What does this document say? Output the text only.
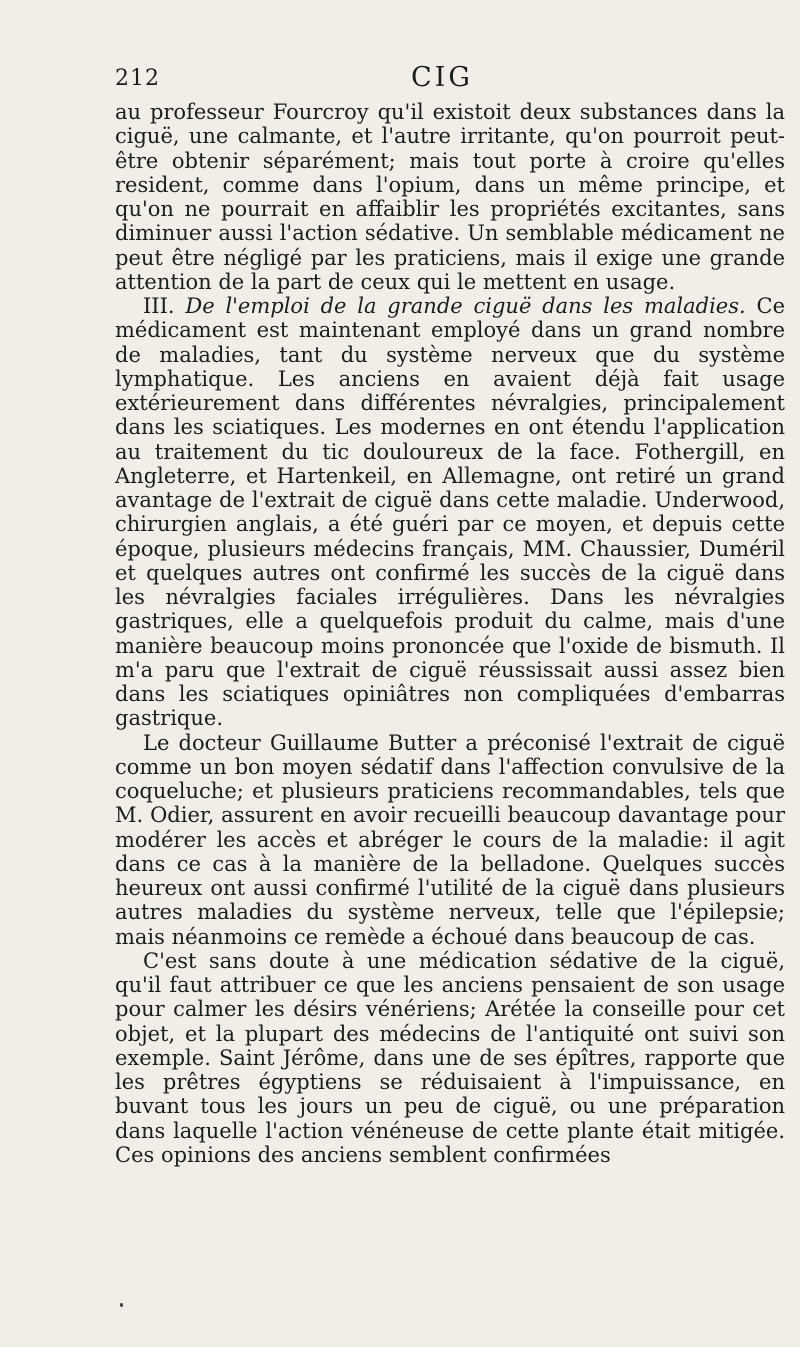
212	CIG

au professeur Fourcroy qu'il existoit deux substances dans la ciguë, une calmante, et l'autre irritante, qu'on pourroit peut-être obtenir séparément; mais tout porte à croire qu'elles resident, comme dans l'opium, dans un même principe, et qu'on ne pourrait en affaiblir les propriétés excitantes, sans diminuer aussi l'action sédative. Un semblable médicament ne peut être négligé par les praticiens, mais il exige une grande attention de la part de ceux qui le mettent en usage.

III. De l'emploi de la grande ciguë dans les maladies. Ce médicament est maintenant employé dans un grand nombre de maladies, tant du système nerveux que du système lymphatique. Les anciens en avaient déjà fait usage extérieurement dans différentes névralgies, principalement dans les sciatiques. Les modernes en ont étendu l'application au traitement du tic douloureux de la face. Fothergill, en Angleterre, et Hartenkeil, en Allemagne, ont retiré un grand avantage de l'extrait de ciguë dans cette maladie. Underwood, chirurgien anglais, a été guéri par ce moyen, et depuis cette époque, plusieurs médecins français, MM. Chaussier, Duméril et quelques autres ont confirmé les succès de la ciguë dans les névralgies faciales irrégulières. Dans les névralgies gastriques, elle a quelquefois produit du calme, mais d'une manière beaucoup moins prononcée que l'oxide de bismuth. Il m'a paru que l'extrait de ciguë réussissait aussi assez bien dans les sciatiques opiniâtres non compliquées d'embarras gastrique.

Le docteur Guillaume Butter a préconisé l'extrait de ciguë comme un bon moyen sédatif dans l'affection convulsive de la coqueluche; et plusieurs praticiens recommandables, tels que M. Odier, assurent en avoir recueilli beaucoup davantage pour modérer les accès et abréger le cours de la maladie: il agit dans ce cas à la manière de la belladone. Quelques succès heureux ont aussi confirmé l'utilité de la ciguë dans plusieurs autres maladies du système nerveux, telle que l'épilepsie; mais néanmoins ce remède a échoué dans beaucoup de cas.

C'est sans doute à une médication sédative de la ciguë, qu'il faut attribuer ce que les anciens pensaient de son usage pour calmer les désirs vénériens; Arétée la conseille pour cet objet, et la plupart des médecins de l'antiquité ont suivi son exemple. Saint Jérôme, dans une de ses épîtres, rapporte que les prêtres égyptiens se réduisaient à l'impuissance, en buvant tous les jours un peu de ciguë, ou une préparation dans laquelle l'action vénéneuse de cette plante était mitigée. Ces opinions des anciens semblent confirmées
